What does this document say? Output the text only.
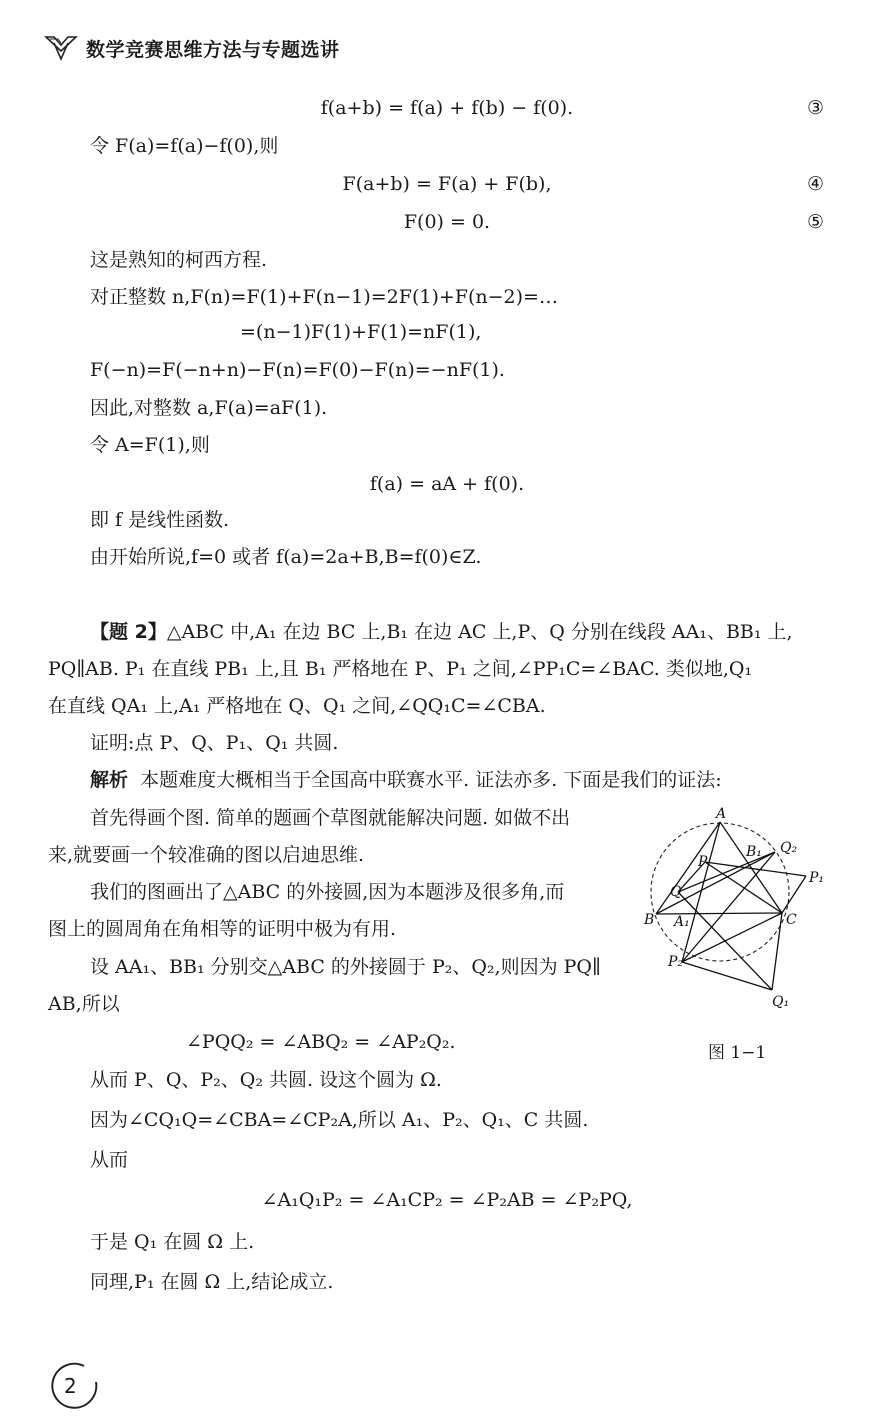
数学竞赛思维方法与专题选讲
f(a+b) = f(a) + f(b) − f(0).	③
令 F(a)=f(a)−f(0),则
F(a+b) = F(a) + F(b),	④
F(0) = 0.	⑤
这是熟知的柯西方程.
对正整数 n,F(n)=F(1)+F(n−1)=2F(1)+F(n−2)=…
=(n−1)F(1)+F(1)=nF(1),
F(−n)=F(−n+n)−F(n)=F(0)−F(n)=−nF(1).
因此,对整数 a,F(a)=aF(1).
令 A=F(1),则
f(a) = aA + f(0).
即 f 是线性函数.
由开始所说,f=0 或者 f(a)=2a+B,B=f(0)∈Z.
【题 2】△ABC 中,A₁ 在边 BC 上,B₁ 在边 AC 上,P、Q 分别在线段 AA₁、BB₁ 上,
PQ∥AB. P₁ 在直线 PB₁ 上,且 B₁ 严格地在 P、P₁ 之间,∠PP₁C=∠BAC. 类似地,Q₁
在直线 QA₁ 上,A₁ 严格地在 Q、Q₁ 之间,∠QQ₁C=∠CBA.
证明:点 P、Q、P₁、Q₁ 共圆.
解析 本题难度大概相当于全国高中联赛水平. 证法亦多. 下面是我们的证法:
首先得画个图. 简单的题画个草图就能解决问题. 如做不出
来,就要画一个较准确的图以启迪思维.
我们的图画出了△ABC 的外接圆,因为本题涉及很多角,而
图上的圆周角在角相等的证明中极为有用.
设 AA₁、BB₁ 分别交△ABC 的外接圆于 P₂、Q₂,则因为 PQ∥
AB,所以
∠PQQ₂ = ∠ABQ₂ = ∠AP₂Q₂.
从而 P、Q、P₂、Q₂ 共圆. 设这个圆为 Ω.
因为∠CQ₁Q=∠CBA=∠CP₂A,所以 A₁、P₂、Q₁、C 共圆.
从而
∠A₁Q₁P₂ = ∠A₁CP₂ = ∠P₂AB = ∠P₂PQ,
于是 Q₁ 在圆 Ω 上.
同理,P₁ 在圆 Ω 上,结论成立.
A
B₁ Q₂
P
P₁
Q
B A₁	C
P₂
Q₁
图 1−1
2
